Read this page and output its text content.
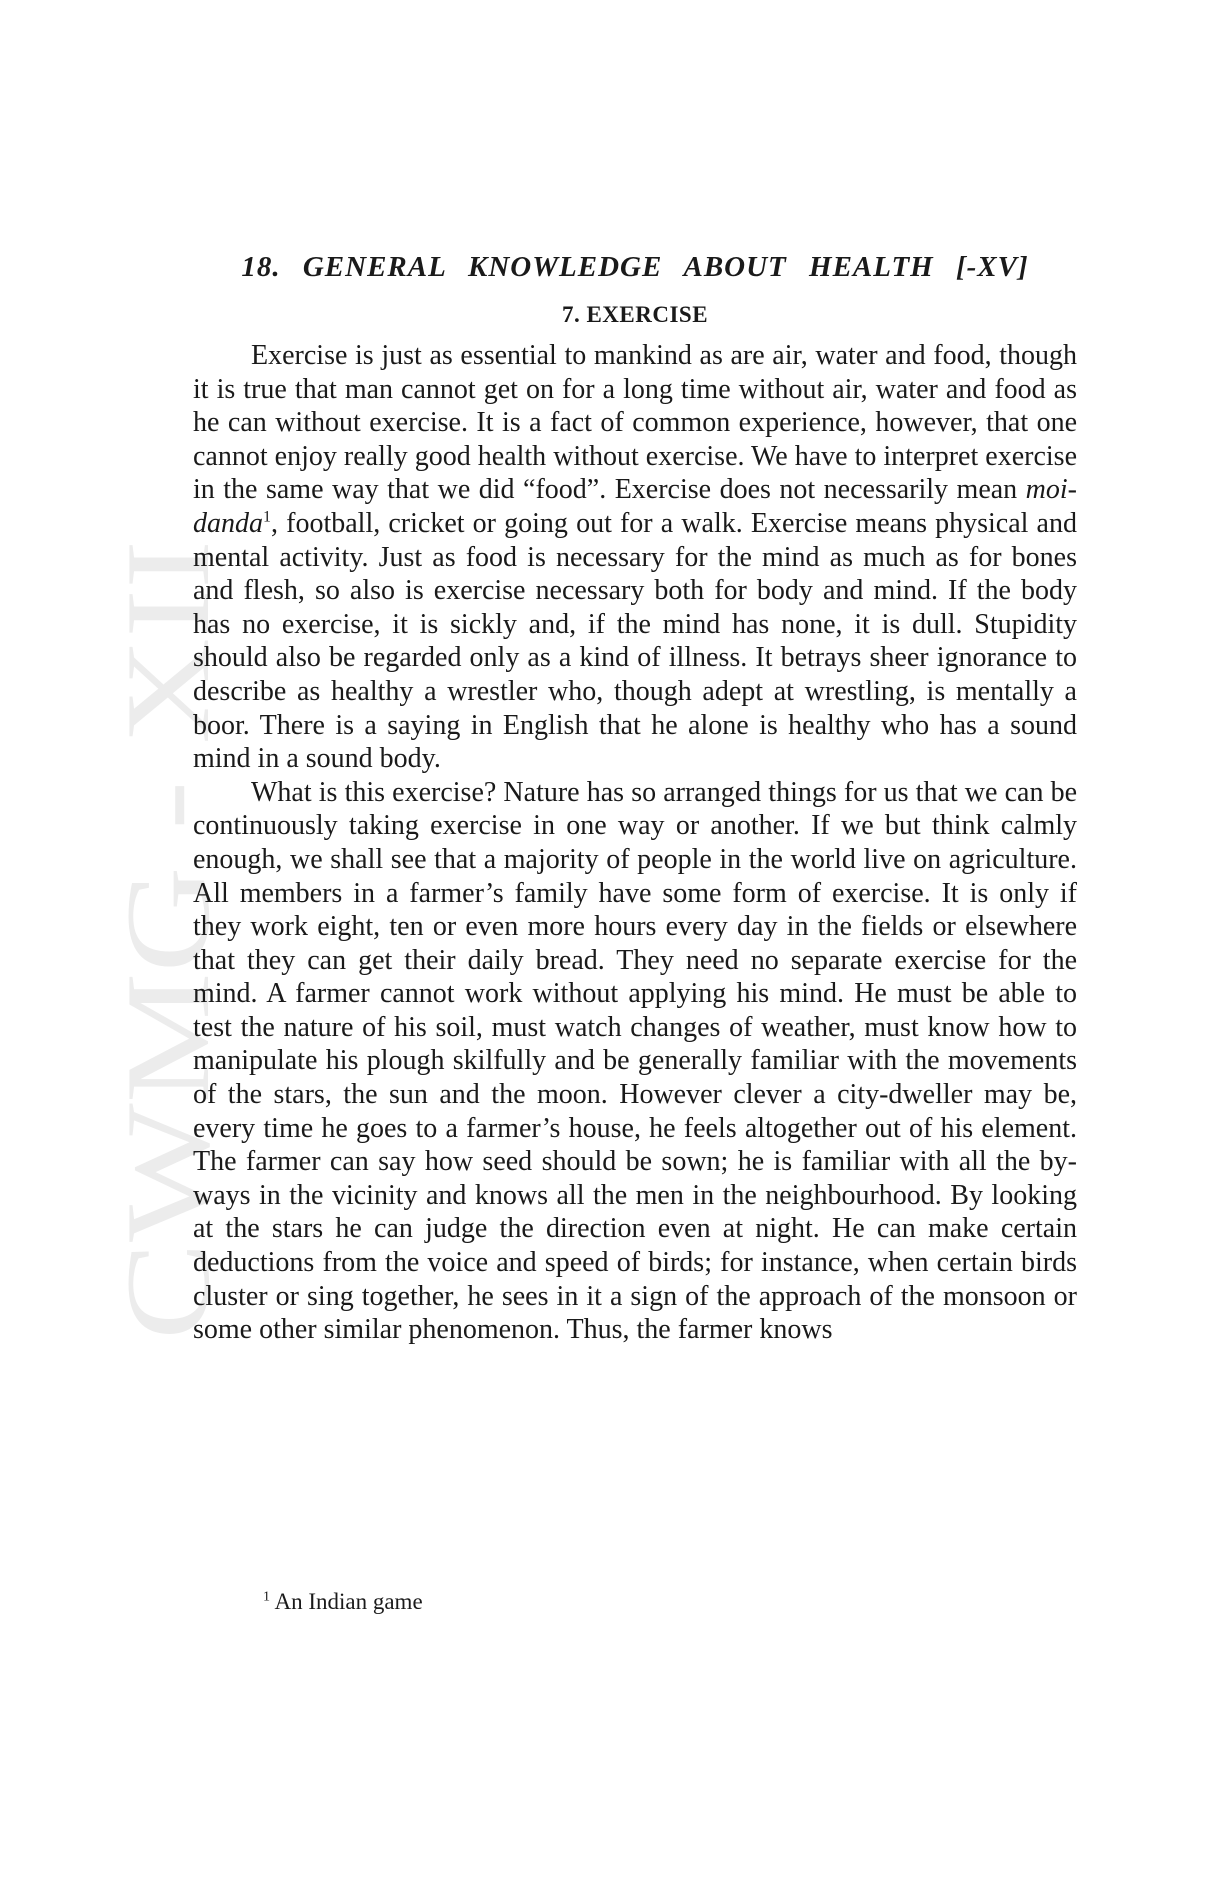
CWMG - XII
18. GENERAL KNOWLEDGE ABOUT HEALTH [-XV]
7. EXERCISE

Exercise is just as essential to mankind as are air, water and food, though it is true that man cannot get on for a long time without air, water and food as he can without exercise. It is a fact of common experience, however, that one cannot enjoy really good health without exercise. We have to interpret exercise in the same way that we did “food”. Exercise does not necessarily mean moidanda$^1$, football, cricket or going out for a walk. Exercise means physical and mental activity. Just as food is necessary for the mind as much as for bones and flesh, so also is exercise necessary both for body and mind. If the body has no exercise, it is sickly and, if the mind has none, it is dull. Stupidity should also be regarded only as a kind of illness. It betrays sheer ignorance to describe as healthy a wrestler who, though adept at wrestling, is mentally a boor. There is a saying in English that he alone is healthy who has a sound mind in a sound body.

What is this exercise? Nature has so arranged things for us that we can be continuously taking exercise in one way or another. If we but think calmly enough, we shall see that a majority of people in the world live on agriculture. All members in a farmer’s family have some form of exercise. It is only if they work eight, ten or even more hours every day in the fields or elsewhere that they can get their daily bread. They need no separate exercise for the mind. A farmer cannot work without applying his mind. He must be able to test the nature of his soil, must watch changes of weather, must know how to manipulate his plough skilfully and be generally familiar with the movements of the stars, the sun and the moon. However clever a city-dweller may be, every time he goes to a farmer’s house, he feels altogether out of his element. The farmer can say how seed should be sown; he is familiar with all the by-ways in the vicinity and knows all the men in the neighbourhood. By looking at the stars he can judge the direction even at night. He can make certain deductions from the voice and speed of birds; for instance, when certain birds cluster or sing together, he sees in it a sign of the approach of the monsoon or some other similar phenomenon. Thus, the farmer knows

$^1$ An Indian game
